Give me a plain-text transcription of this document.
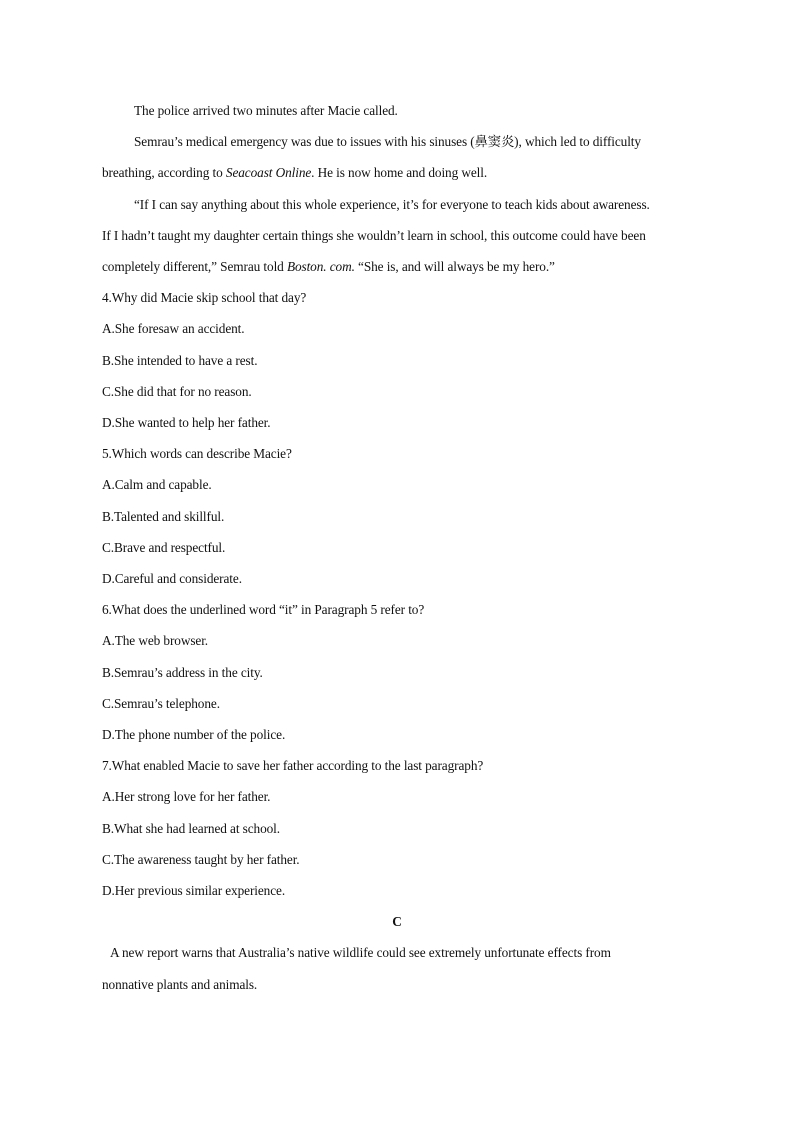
The police arrived two minutes after Macie called.
Semrau’s medical emergency was due to issues with his sinuses (鼻窦炎), which led to difficulty
breathing, according to Seacoast Online. He is now home and doing well.
“If I can say anything about this whole experience, it’s for everyone to teach kids about awareness.
If I hadn’t taught my daughter certain things she wouldn’t learn in school, this outcome could have been
completely different,” Semrau told Boston. com. “She is, and will always be my hero.”
4.Why did Macie skip school that day?
A.She foresaw an accident.
B.She intended to have a rest.
C.She did that for no reason.
D.She wanted to help her father.
5.Which words can describe Macie?
A.Calm and capable.
B.Talented and skillful.
C.Brave and respectful.
D.Careful and considerate.
6.What does the underlined word “it” in Paragraph 5 refer to?
A.The web browser.
B.Semrau’s address in the city.
C.Semrau’s telephone.
D.The phone number of the police.
7.What enabled Macie to save her father according to the last paragraph?
A.Her strong love for her father.
B.What she had learned at school.
C.The awareness taught by her father.
D.Her previous similar experience.
C
A new report warns that Australia’s native wildlife could see extremely unfortunate effects from
nonnative plants and animals.
